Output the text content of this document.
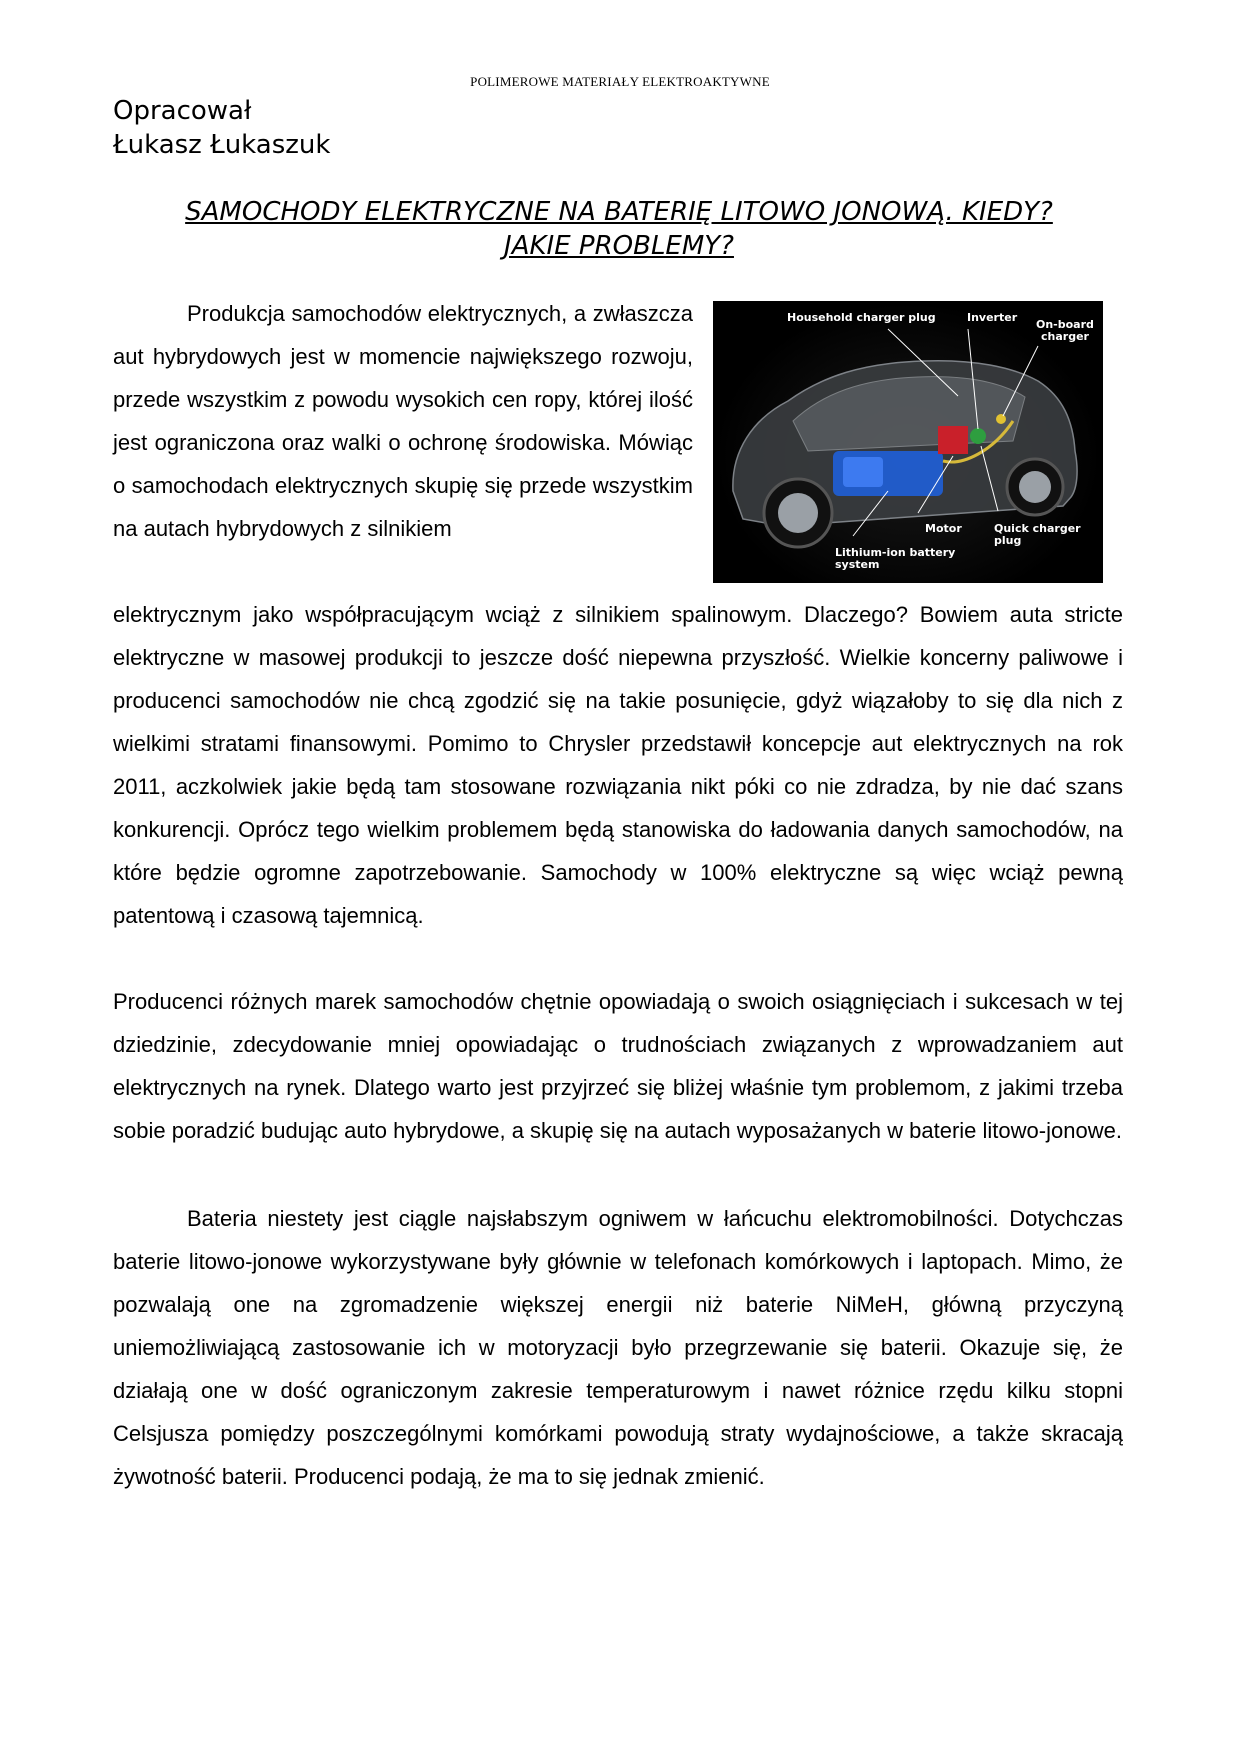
POLIMEROWE MATERIAŁY ELEKTROAKTYWNE
Opracował
Łukasz Łukaszuk
SAMOCHODY ELEKTRYCZNE NA BATERIĘ LITOWO JONOWĄ. KIEDY?
JAKIE PROBLEMY?
Produkcja samochodów elektrycznych, a zwłaszcza aut hybrydowych jest w momencie największego rozwoju, przede wszystkim z powodu wysokich cen ropy, której ilość jest ograniczona oraz walki o ochronę środowiska. Mówiąc o samochodach elektrycznych skupię się przede wszystkim na autach hybrydowych z silnikiem
Household charger plug	Inverter
On-board
charger
Motor	Quick charger
plug
Lithium-ion battery
system
elektrycznym jako współpracującym wciąż z silnikiem spalinowym. Dlaczego? Bowiem auta stricte elektryczne w masowej produkcji to jeszcze dość niepewna przyszłość. Wielkie koncerny paliwowe i producenci samochodów nie chcą zgodzić się na takie posunięcie, gdyż wiązałoby to się dla nich z wielkimi stratami finansowymi. Pomimo to Chrysler przedstawił koncepcje aut elektrycznych na rok 2011, aczkolwiek jakie będą tam stosowane rozwiązania nikt póki co nie zdradza, by nie dać szans konkurencji. Oprócz tego wielkim problemem będą stanowiska do ładowania danych samochodów, na które będzie ogromne zapotrzebowanie. Samochody w 100% elektryczne są więc wciąż pewną patentową i czasową tajemnicą.
Producenci różnych marek samochodów chętnie opowiadają o swoich osiągnięciach i sukcesach w tej dziedzinie, zdecydowanie mniej opowiadając o trudnościach związanych z wprowadzaniem aut elektrycznych na rynek. Dlatego warto jest przyjrzeć się bliżej właśnie tym problemom, z jakimi trzeba sobie poradzić budując auto hybrydowe, a skupię się na autach wyposażanych w baterie litowo-jonowe.
Bateria niestety jest ciągle najsłabszym ogniwem w łańcuchu elektromobilności. Dotychczas baterie litowo-jonowe wykorzystywane były głównie w telefonach komórkowych i laptopach. Mimo, że pozwalają one na zgromadzenie większej energii niż baterie NiMeH, główną przyczyną uniemożliwiającą zastosowanie ich w motoryzacji było przegrzewanie się baterii. Okazuje się, że działają one w dość ograniczonym zakresie temperaturowym i nawet różnice rzędu kilku stopni Celsjusza pomiędzy poszczególnymi komórkami powodują straty wydajnościowe, a także skracają żywotność baterii. Producenci podają, że ma to się jednak zmienić.
